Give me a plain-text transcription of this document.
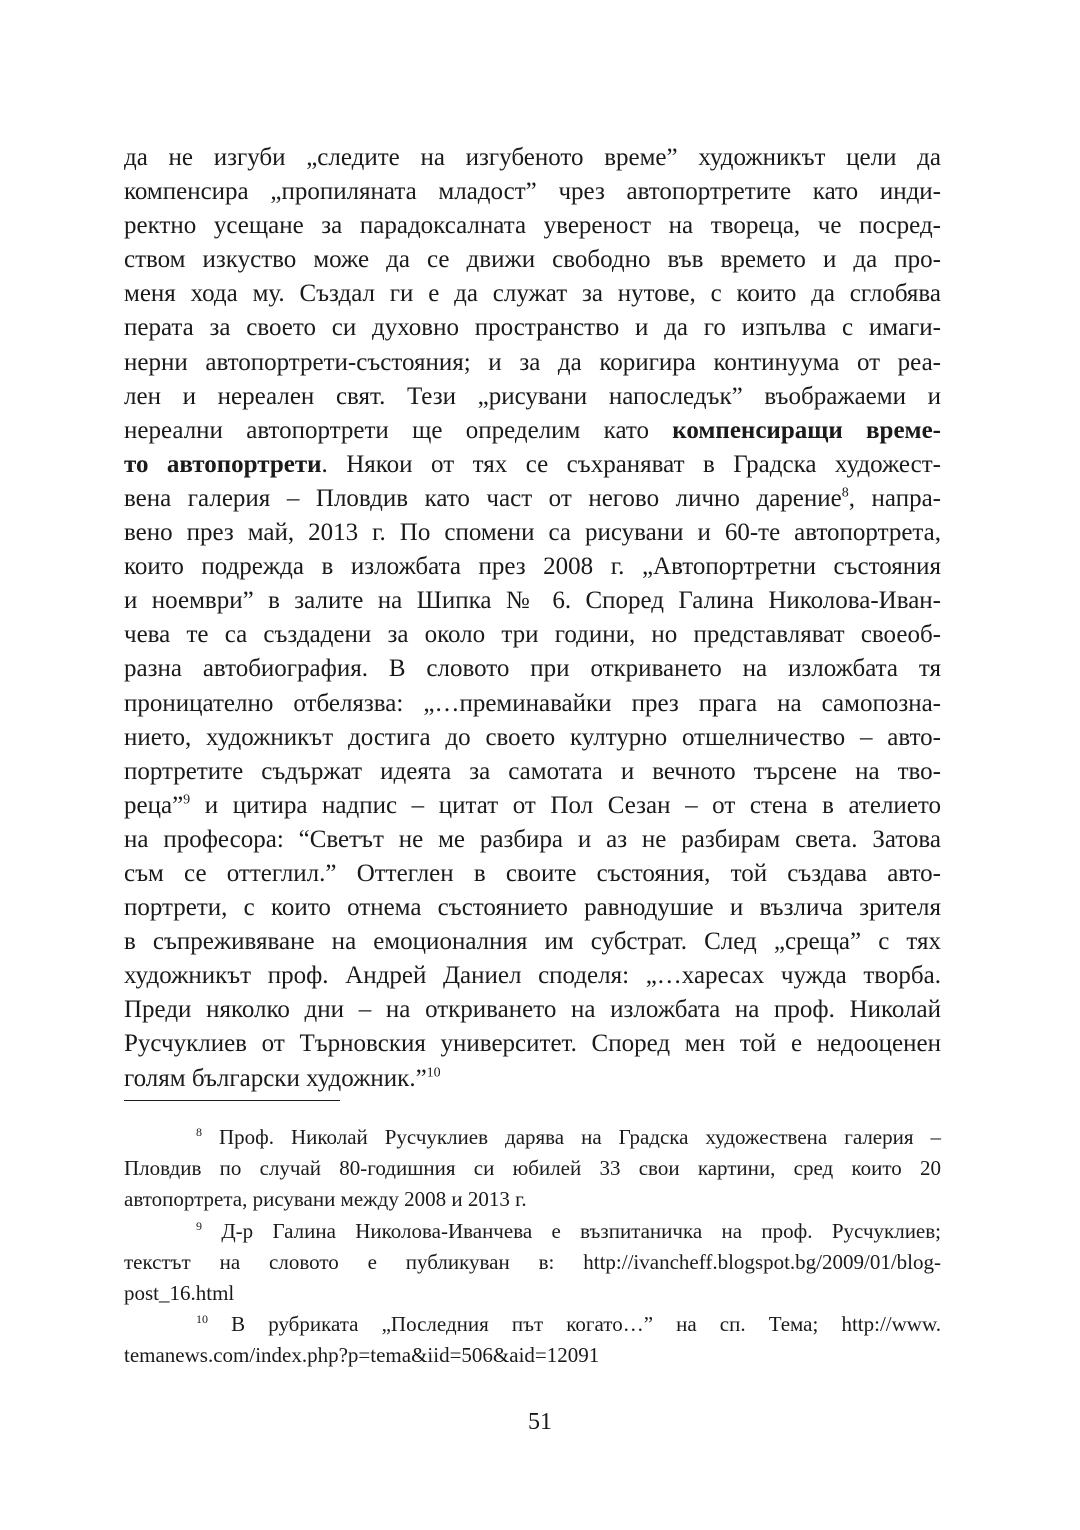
да не изгуби „следите на изгубеното време” художникът цели да
компенсира „пропиляната младост” чрез автопортретите като инди-
ректно усещане за парадоксалната увереност на твореца, че посред-
ством изкуство може да се движи свободно във времето и да про-
меня хода му. Създал ги е да служат за нутове, с които да сглобява
перата за своето си духовно пространство и да го изпълва с имаги-
нерни автопортрети-състояния; и за да коригира континуума от реа-
лен и нереален свят. Тези „рисувани напоследък” въображаеми и
нереални автопортрети ще определим като компенсиращи време-
то автопортрети. Някои от тях се съхраняват в Градска художест-
вена галерия – Пловдив като част от негово лично дарение$^8$, напра-
вено през май, 2013 г. По спомени са рисувани и 60-те автопортрета,
които подрежда в изложбата през 2008 г. „Автопортретни състояния
и ноември” в залите на Шипка № 6. Според Галина Николова-Иван-
чева те са създадени за около три години, но представляват своеоб-
разна автобиография. В словото при откриването на изложбата тя
проницателно отбелязва: „…преминавайки през прага на самопозна-
нието, художникът достига до своето културно отшелничество – авто-
портретите съдържат идеята за самотата и вечното търсене на тво-
реца”$^9$ и цитира надпис – цитат от Пол Сезан – от стена в ателието
на професора: “Светът не ме разбира и аз не разбирам света. Затова
съм се оттеглил.” Оттеглен в своите състояния, той създава авто-
портрети, с които отнема състоянието равнодушие и възлича зрителя
в съпреживяване на емоционалния им субстрат. След „среща” с тях
художникът проф. Андрей Даниел споделя: „…харесах чужда творба.
Преди няколко дни – на откриването на изложбата на проф. Николай
Русчуклиев от Търновския университет. Според мен той е недооценен
голям български художник.”$^{10}$
$^8$ Проф. Николай Русчуклиев дарява на Градска художествена галерия –
Пловдив по случай 80-годишния си юбилей 33 свои картини, сред които 20
автопортрета, рисувани между 2008 и 2013 г.
$^9$ Д-р Галина Николова-Иванчева е възпитаничка на проф. Русчуклиев;
текстът на словото е публикуван в: http://ivancheff.blogspot.bg/2009/01/blog-
post_16.html
$^{10}$ В рубриката „Последния път когато…” на сп. Тема; http://www.
temanews.com/index.php?p=tema&iid=506&aid=12091
51
